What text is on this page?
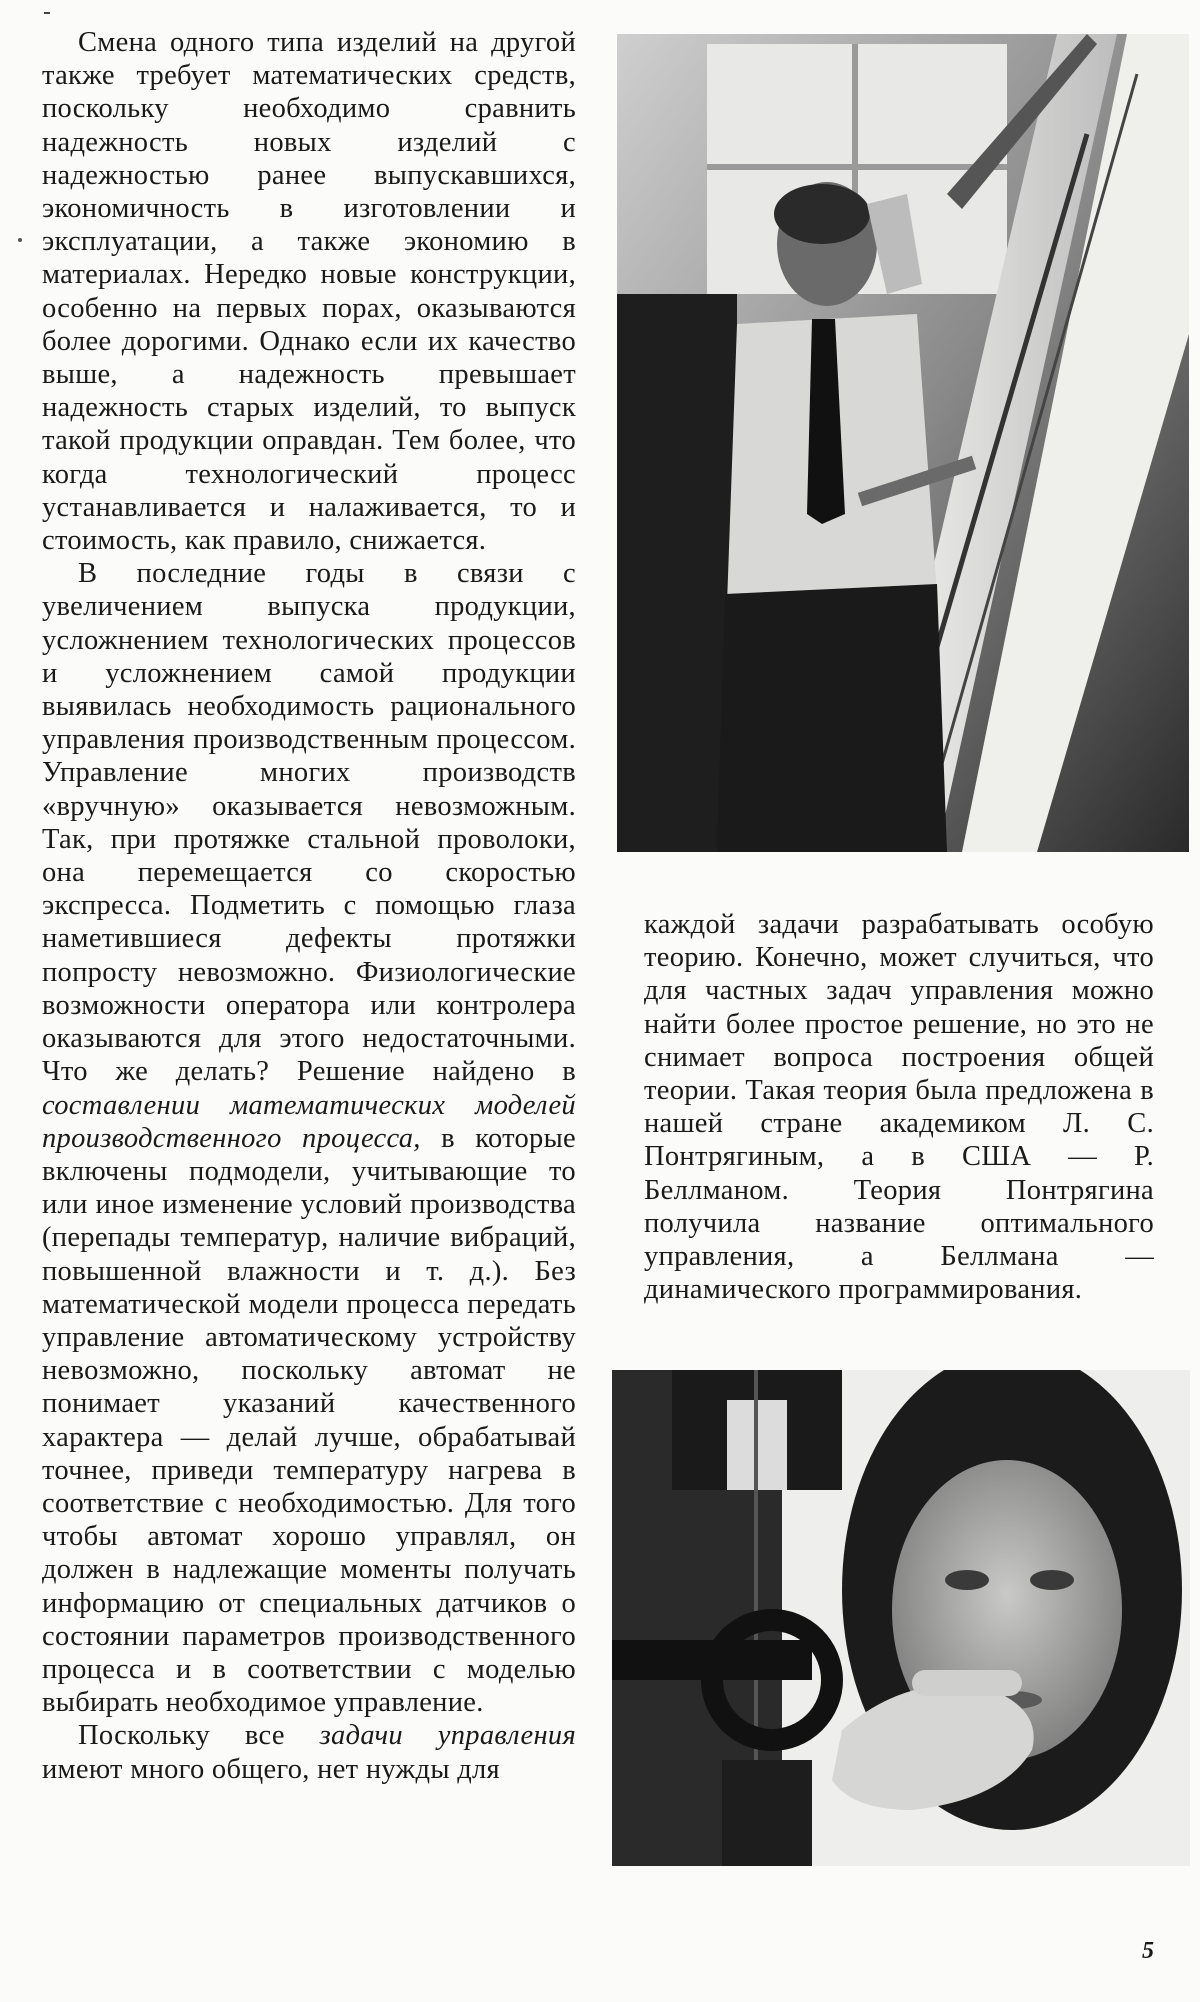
Смена одного типа изделий на другой также требует математических средств, поскольку необходимо сравнить надежность новых изделий с надежностью ранее выпускавшихся, экономичность в изготовлении и эксплуатации, а также экономию в материалах. Нередко новые конструкции, особенно на первых порах, оказываются более дорогими. Однако если их качество выше, а надежность превышает надежность старых изделий, то выпуск такой продукции оправдан. Тем более, что когда технологический процесс устанавливается и налаживается, то и стоимость, как правило, снижается.

В последние годы в связи с увеличением выпуска продукции, усложнением технологических процессов и усложнением самой продукции выявилась необходимость рационального управления производственным процессом. Управление многих производств «вручную» оказывается невозможным. Так, при протяжке стальной проволоки, она перемещается со скоростью экспресса. Подметить с помощью глаза наметившиеся дефекты протяжки попросту невозможно. Физиологические возможности оператора или контролера оказываются для этого недостаточными. Что же делать? Решение найдено в составлении математических моделей производственного процесса, в которые включены подмодели, учитывающие то или иное изменение условий производства (перепады температур, наличие вибраций, повышенной влажности и т. д.). Без математической модели процесса передать управление автоматическому устройству невозможно, поскольку автомат не понимает указаний качественного характера — делай лучше, обрабатывай точнее, приведи температуру нагрева в соответствие с необходимостью. Для того чтобы автомат хорошо управлял, он должен в надлежащие моменты получать информацию от специальных датчиков о состоянии параметров производственного процесса и в соответствии с моделью выбирать необходимое управление.

Поскольку все задачи управления имеют много общего, нет нужды для

каждой задачи разрабатывать особую теорию. Конечно, может случиться, что для частных задач управления можно найти более простое решение, но это не снимает вопроса построения общей теории. Такая теория была предложена в нашей стране академиком Л. С. Понтрягиным, а в США — Р. Беллманом. Теория Понтрягина получила название оптимального управления, а Беллмана — динамического программирования.

5
